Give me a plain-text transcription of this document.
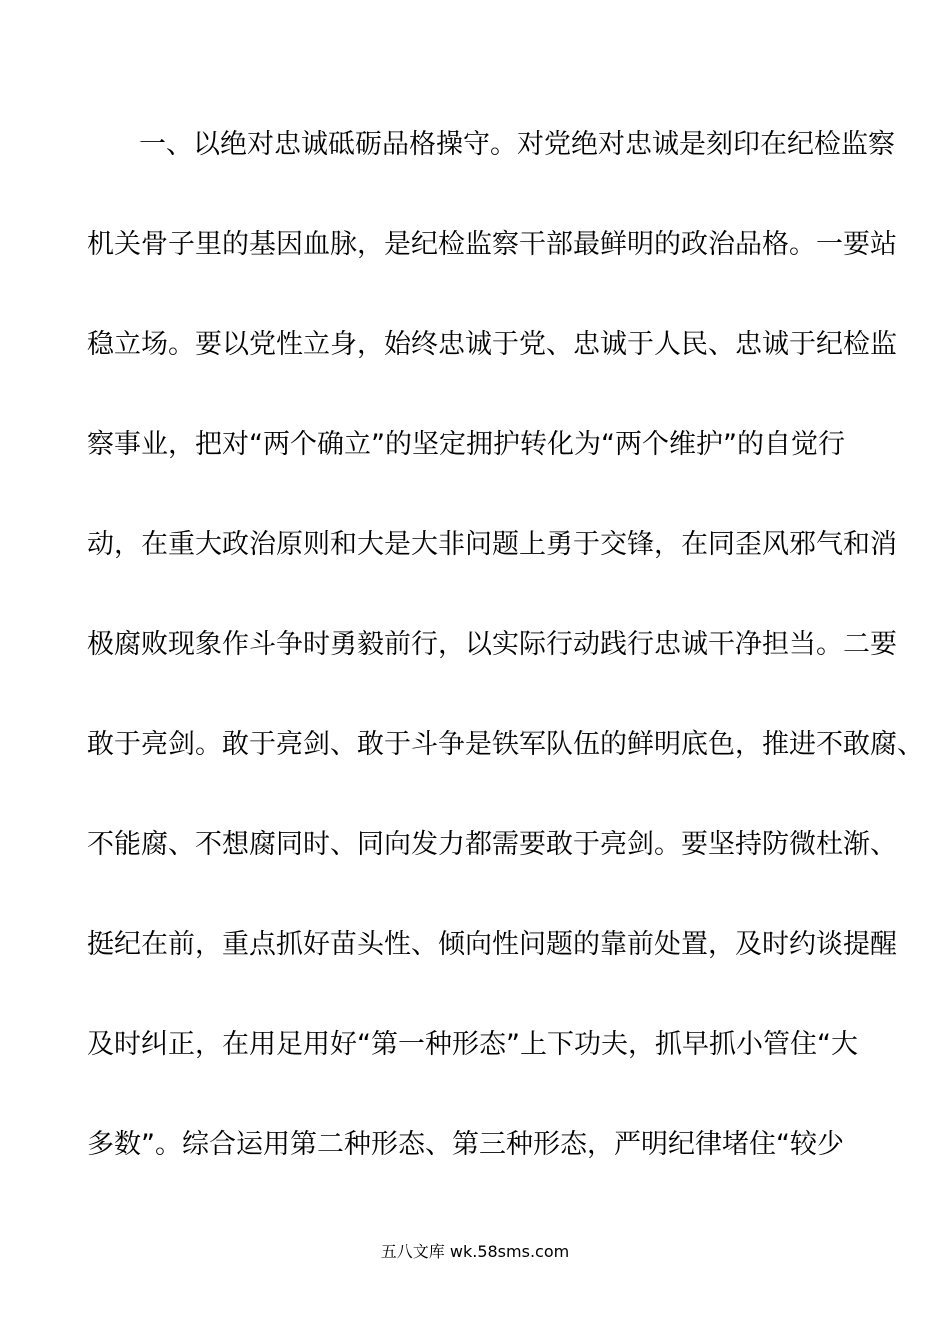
一、以绝对忠诚砥砺品格操守。对党绝对忠诚是刻印在纪检监察
机关骨子里的基因血脉，是纪检监察干部最鲜明的政治品格。一要站
稳立场。要以党性立身，始终忠诚于党、忠诚于人民、忠诚于纪检监
察事业，把对“两个确立”的坚定拥护转化为“两个维护”的自觉行
动，在重大政治原则和大是大非问题上勇于交锋，在同歪风邪气和消
极腐败现象作斗争时勇毅前行，以实际行动践行忠诚干净担当。二要
敢于亮剑。敢于亮剑、敢于斗争是铁军队伍的鲜明底色，推进不敢腐、
不能腐、不想腐同时、同向发力都需要敢于亮剑。要坚持防微杜渐、
挺纪在前，重点抓好苗头性、倾向性问题的靠前处置，及时约谈提醒
及时纠正，在用足用好“第一种形态”上下功夫，抓早抓小管住“大
多数”。综合运用第二种形态、第三种形态，严明纪律堵住“较少
五八文库 wk.58sms.com
